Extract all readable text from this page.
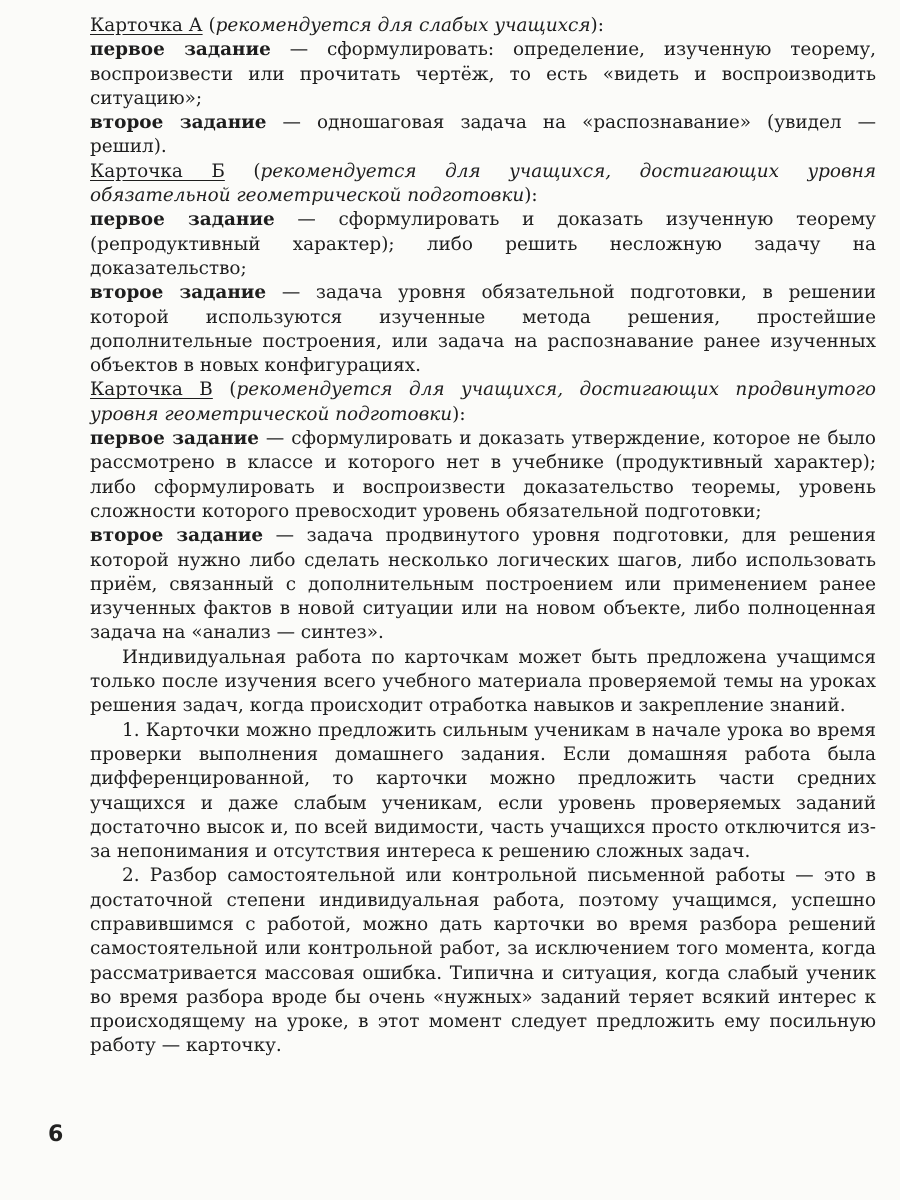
Карточка А (рекомендуется для слабых учащихся):

первое задание — сформулировать: определение, изученную теорему, воспроизвести или прочитать чертёж, то есть «видеть и воспроизводить ситуацию»;

второе задание — одношаговая задача на «распознавание» (увидел — решил).

Карточка Б (рекомендуется для учащихся, достигающих уровня обязательной геометрической подготовки):

первое задание — сформулировать и доказать изученную теорему (репродуктивный характер); либо решить несложную задачу на доказательство;

второе задание — задача уровня обязательной подготовки, в решении которой используются изученные метода решения, простейшие дополнительные построения, или задача на распознавание ранее изученных объектов в новых конфигурациях.

Карточка В (рекомендуется для учащихся, достигающих продвинутого уровня геометрической подготовки):

первое задание — сформулировать и доказать утверждение, которое не было рассмотрено в классе и которого нет в учебнике (продуктивный характер); либо сформулировать и воспроизвести доказательство теоремы, уровень сложности которого превосходит уровень обязательной подготовки;

второе задание — задача продвинутого уровня подготовки, для решения которой нужно либо сделать несколько логических шагов, либо использовать приём, связанный с дополнительным построением или применением ранее изученных фактов в новой ситуации или на новом объекте, либо полноценная задача на «анализ — синтез».

Индивидуальная работа по карточкам может быть предложена учащимся только после изучения всего учебного материала проверяемой темы на уроках решения задач, когда происходит отработка навыков и закрепление знаний.

1. Карточки можно предложить сильным ученикам в начале урока во время проверки выполнения домашнего задания. Если домашняя работа была дифференцированной, то карточки можно предложить части средних учащихся и даже слабым ученикам, если уровень проверяемых заданий достаточно высок и, по всей видимости, часть учащихся просто отключится из-за непонимания и отсутствия интереса к решению сложных задач.

2. Разбор самостоятельной или контрольной письменной работы — это в достаточной степени индивидуальная работа, поэтому учащимся, успешно справившимся с работой, можно дать карточки во время разбора решений самостоятельной или контрольной работ, за исключением того момента, когда рассматривается массовая ошибка. Типична и ситуация, когда слабый ученик во время разбора вроде бы очень «нужных» заданий теряет всякий интерес к происходящему на уроке, в этот момент следует предложить ему посильную работу — карточку.

6
